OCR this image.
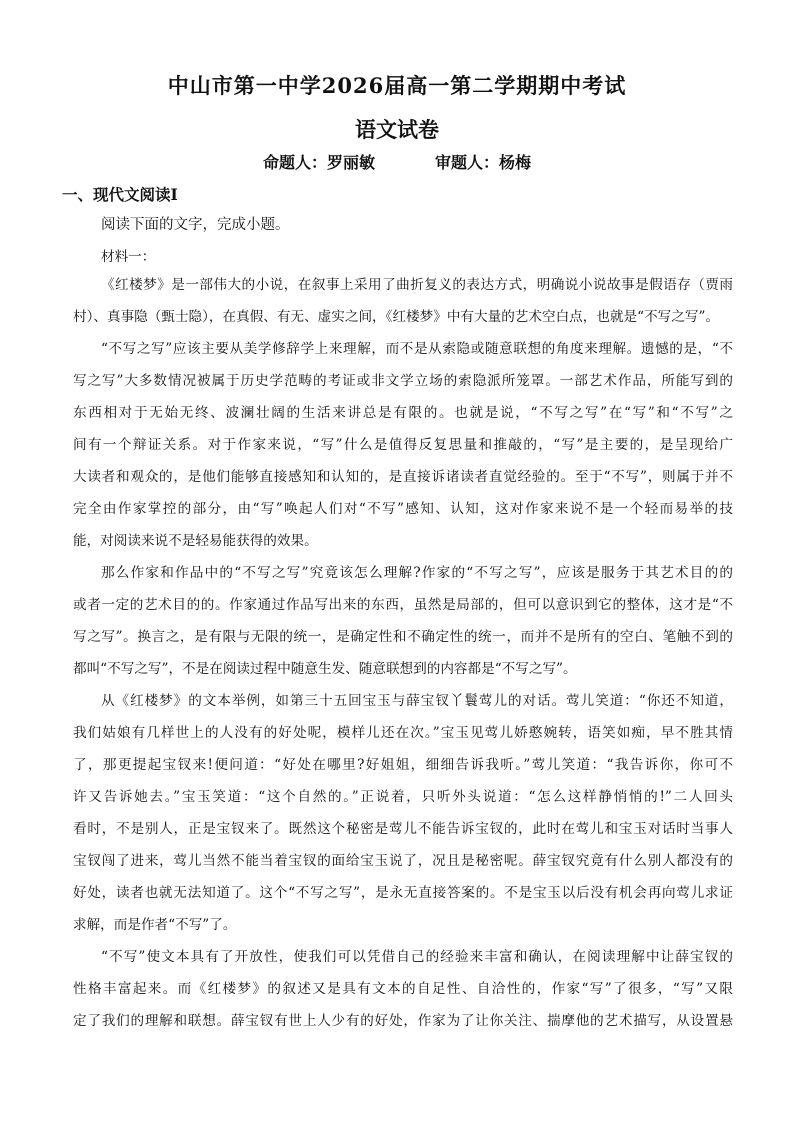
中山市第一中学2026届高一第二学期期中考试
语文试卷
命题人：罗丽敏	审题人：杨梅
一、现代文阅读Ⅰ
阅读下面的文字，完成小题。
材料一：
《红楼梦》是一部伟大的小说，在叙事上采用了曲折复义的表达方式，明确说小说故事是假语存（贾雨
村）、真事隐（甄士隐），在真假、有无、虚实之间，《红楼梦》中有大量的艺术空白点，也就是“不写之写”。
“不写之写”应该主要从美学修辞学上来理解，而不是从索隐或随意联想的角度来理解。遗憾的是，“不
写之写”大多数情况被属于历史学范畴的考证或非文学立场的索隐派所笼罩。一部艺术作品，所能写到的
东西相对于无始无终、波澜壮阔的生活来讲总是有限的。也就是说，“不写之写”在“写”和“不写”之
间有一个辩证关系。对于作家来说，“写”什么是值得反复思量和推敲的，“写”是主要的，是呈现给广
大读者和观众的，是他们能够直接感知和认知的，是直接诉诸读者直觉经验的。至于“不写”，则属于并不
完全由作家掌控的部分，由“写”唤起人们对“不写”感知、认知，这对作家来说不是一个轻而易举的技
能，对阅读来说不是轻易能获得的效果。
那么作家和作品中的“不写之写”究竟该怎么理解?作家的“不写之写”，应该是服务于其艺术目的的
或者一定的艺术目的的。作家通过作品写出来的东西，虽然是局部的，但可以意识到它的整体，这才是“不
写之写”。换言之，是有限与无限的统一，是确定性和不确定性的统一，而并不是所有的空白、笔触不到的
都叫“不写之写”，不是在阅读过程中随意生发、随意联想到的内容都是“不写之写”。
从《红楼梦》的文本举例，如第三十五回宝玉与薛宝钗丫鬟莺儿的对话。莺儿笑道：“你还不知道，
我们姑娘有几样世上的人没有的好处呢，模样儿还在次。”宝玉见莺儿娇憨婉转，语笑如痴，早不胜其情
了，那更提起宝钗来!便问道：“好处在哪里?好姐姐，细细告诉我听。”莺儿笑道：“我告诉你，你可不
许又告诉她去。”宝玉笑道：“这个自然的。”正说着，只听外头说道：“怎么这样静悄悄的!”二人回头
看时，不是别人，正是宝钗来了。既然这个秘密是莺儿不能告诉宝钗的，此时在莺儿和宝玉对话时当事人
宝钗闯了进来，莺儿当然不能当着宝钗的面给宝玉说了，况且是秘密呢。薛宝钗究竟有什么别人都没有的
好处，读者也就无法知道了。这个“不写之写”，是永无直接答案的。不是宝玉以后没有机会再向莺儿求证
求解，而是作者“不写”了。
“不写”使文本具有了开放性，使我们可以凭借自己的经验来丰富和确认，在阅读理解中让薛宝钗的
性格丰富起来。而《红楼梦》的叙述又是具有文本的自足性、自洽性的，作家“写”了很多，“写”又限
定了我们的理解和联想。薛宝钗有世上人少有的好处，作家为了让你关注、揣摩他的艺术描写，从设置悬
